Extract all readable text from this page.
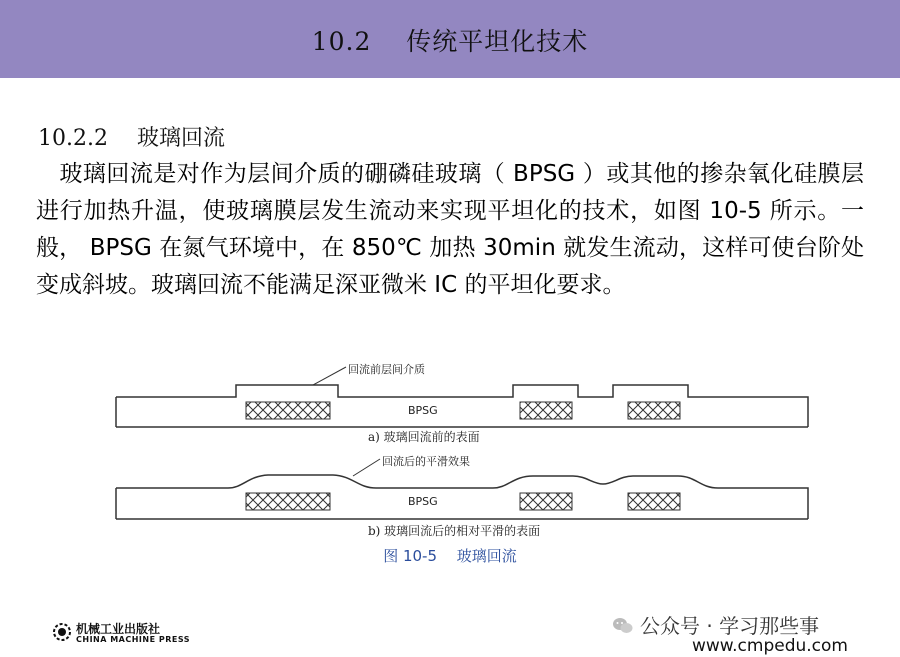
10.2　 传统平坦化技术
10.2.2　 玻璃回流
　玻璃回流是对作为层间介质的硼磷硅玻璃（ BPSG ）或其他的掺杂氧化硅膜层进行加热升温，使玻璃膜层发生流动来实现平坦化的技术，如图 10-5 所示。一般， BPSG 在氮气环境中，在 850℃ 加热 30min 就发生流动，这样可使台阶处变成斜坡。玻璃回流不能满足深亚微米 IC 的平坦化要求。
回流前层间介质
BPSG
a) 玻璃回流前的表面
回流后的平滑效果
BPSG
b) 玻璃回流后的相对平滑的表面
图 10-5　 玻璃回流
机械工业出版社
CHINA MACHINE PRESS
公众号 · 学习那些事
www.cmpedu.com
